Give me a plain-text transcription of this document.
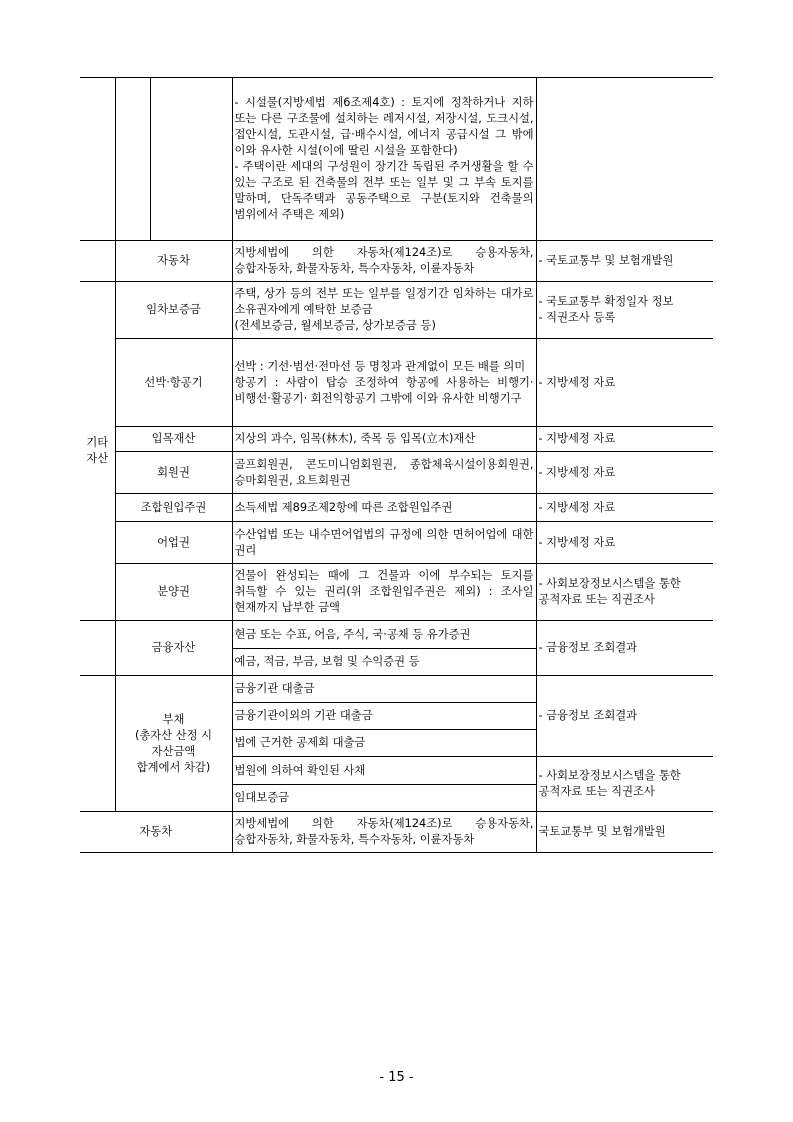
			- 시설물(지방세법 제6조제4호) : 토지에 정착하거나 지하 또는 다른 구조물에 설치하는 레저시설, 저장시설, 도크시설, 접안시설, 도관시설, 급·배수시설, 에너지 공급시설 그 밖에 이와 유사한 시설(이에 딸린 시설을 포함한다)
- 주택이란 세대의 구성원이 장기간 독립된 주거생활을 할 수 있는 구조로 된 건축물의 전부 또는 일부 및 그 부속 토지를 말하며, 단독주택과 공동주택으로 구분(토지와 건축물의 범위에서 주택은 제외)	
	자동차		지방세법에 의한 자동차(제124조)로 승용자동차, 승합자동차, 화물자동차, 특수자동차, 이륜자동차	- 국토교통부 및 보험개발원
기타
자산	임차보증금		주택, 상가 등의 전부 또는 일부를 일정기간 임차하는 대가로 소유권자에게 예탁한 보증금
(전세보증금, 월세보증금, 상가보증금 등)	- 국토교통부 확정일자 정보
- 직권조사 등록
	선박·항공기		선박 : 기선·범선·전마선 등 명칭과 관계없이 모든 배를 의미
항공기 : 사람이 탑승 조정하여 항공에 사용하는 비행기·비행선·활공기· 회전익항공기 그밖에 이와 유사한 비행기구	- 지방세정 자료
	입목재산		지상의 과수, 임목(林木), 죽목 등 입목(立木)재산	- 지방세정 자료
	회원권		골프회원권, 콘도미니엄회원권, 종합체육시설이용회원권, 승마회원권, 요트회원권	- 지방세정 자료
	조합원입주권		소득세법 제89조제2항에 따른 조합원입주권	- 지방세정 자료
	어업권		수산업법 또는 내수면어업법의 규정에 의한 면허어업에 대한 권리	- 지방세정 자료
	분양권		건물이 완성되는 때에 그 건물과 이에 부수되는 토지를 취득할 수 있는 권리(위 조합원입주권은 제외) : 조사일 현재까지 납부한 금액	- 사회보장정보시스템을 통한
공적자료 또는 직권조사
	금융자산		현금 또는 수표, 어음, 주식, 국·공채 등 유가증권	- 금융정보 조회결과
			예금, 적금, 부금, 보험 및 수익증권 등	
	부채
(총자산 산정 시
자산금액
합계에서 차감)		금융기관 대출금	- 금융정보 조회결과
			금융기관이외의 기관 대출금	
			법에 근거한 공제회 대출금	
			법원에 의하여 확인된 사채	- 사회보장정보시스템을 통한
공적자료 또는 직권조사
			임대보증금	
자동차			지방세법에 의한 자동차(제124조)로 승용자동차, 승합자동차, 화물자동차, 특수자동차, 이륜자동차	국토교통부 및 보험개발원
- 15 -
